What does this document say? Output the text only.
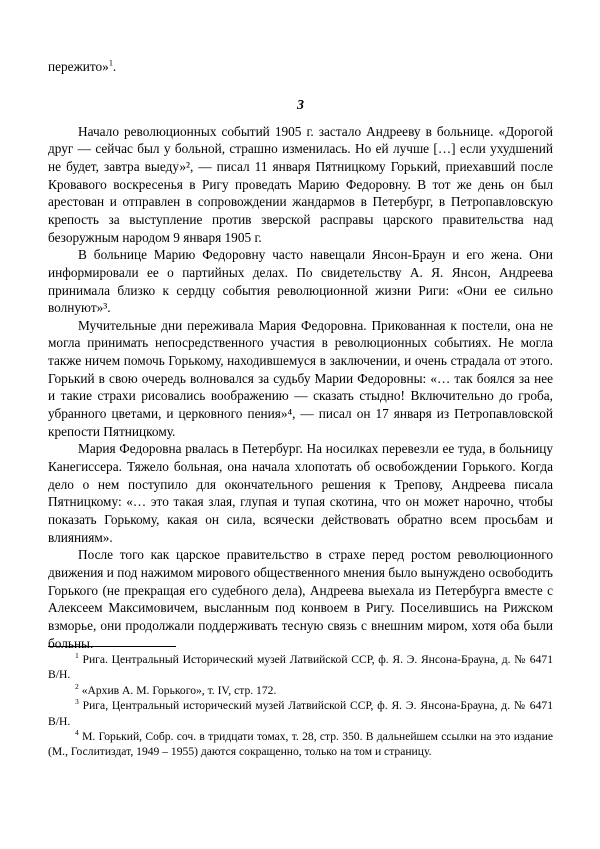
пережито»$^1$.

3

Начало революционных событий 1905 г. застало Андрееву в больнице. «Дорогой друг — сейчас был у больной, страшно изменилась. Но ей лучше […] если ухудшений не будет, завтра выеду»², — писал 11 января Пятницкому Горький, приехавший после Кровавого воскресенья в Ригу проведать Марию Федоровну. В тот же день он был арестован и отправлен в сопровождении жандармов в Петербург, в Петропавловскую крепость за выступление против зверской расправы царского правительства над безоружным народом 9 января 1905 г.

В больнице Марию Федоровну часто навещали Янсон-Браун и его жена. Они информировали ее о партийных делах. По свидетельству А. Я. Янсон, Андреева принимала близко к сердцу события революционной жизни Риги: «Они ее сильно волнуют»³.

Мучительные дни переживала Мария Федоровна. Прикованная к постели, она не могла принимать непосредственного участия в революционных событиях. Не могла также ничем помочь Горькому, находившемуся в заключении, и очень страдала от этого. Горький в свою очередь волновался за судьбу Марии Федоровны: «… так боялся за нее и такие страхи рисовались воображению — сказать стыдно! Включительно до гроба, убранного цветами, и церковного пения»⁴, — писал он 17 января из Петропавловской крепости Пятницкому.

Мария Федоровна рвалась в Петербург. На носилках перевезли ее туда, в больницу Канегиссера. Тяжело больная, она начала хлопотать об освобождении Горького. Когда дело о нем поступило для окончательного решения к Трепову, Андреева писала Пятницкому: «… это такая злая, глупая и тупая скотина, что он может нарочно, чтобы показать Горькому, какая он сила, всячески действовать обратно всем просьбам и влияниям».

После того как царское правительство в страхе перед ростом революционного движения и под нажимом мирового общественного мнения было вынуждено освободить Горького (не прекращая его судебного дела), Андреева выехала из Петербурга вместе с Алексеем Максимовичем, высланным под конвоем в Ригу. Поселившись на Рижском взморье, они продолжали поддерживать тесную связь с внешним миром, хотя оба были больны.

$^1$ Рига. Центральный Исторический музей Латвийской ССР, ф. Я. Э. Янсона-Брауна, д. № 6471 В/Н.

$^2$ «Архив А. М. Горького», т. IV, стр. 172.

$^3$ Рига, Центральный исторический музей Латвийской ССР, ф. Я. Э. Янсона-Брауна, д. № 6471 В/Н.

$^4$ М. Горький, Собр. соч. в тридцати томах, т. 28, стр. 350. В дальнейшем ссылки на это издание (М., Гослитиздат, 1949 – 1955) даются сокращенно, только на том и страницу.
